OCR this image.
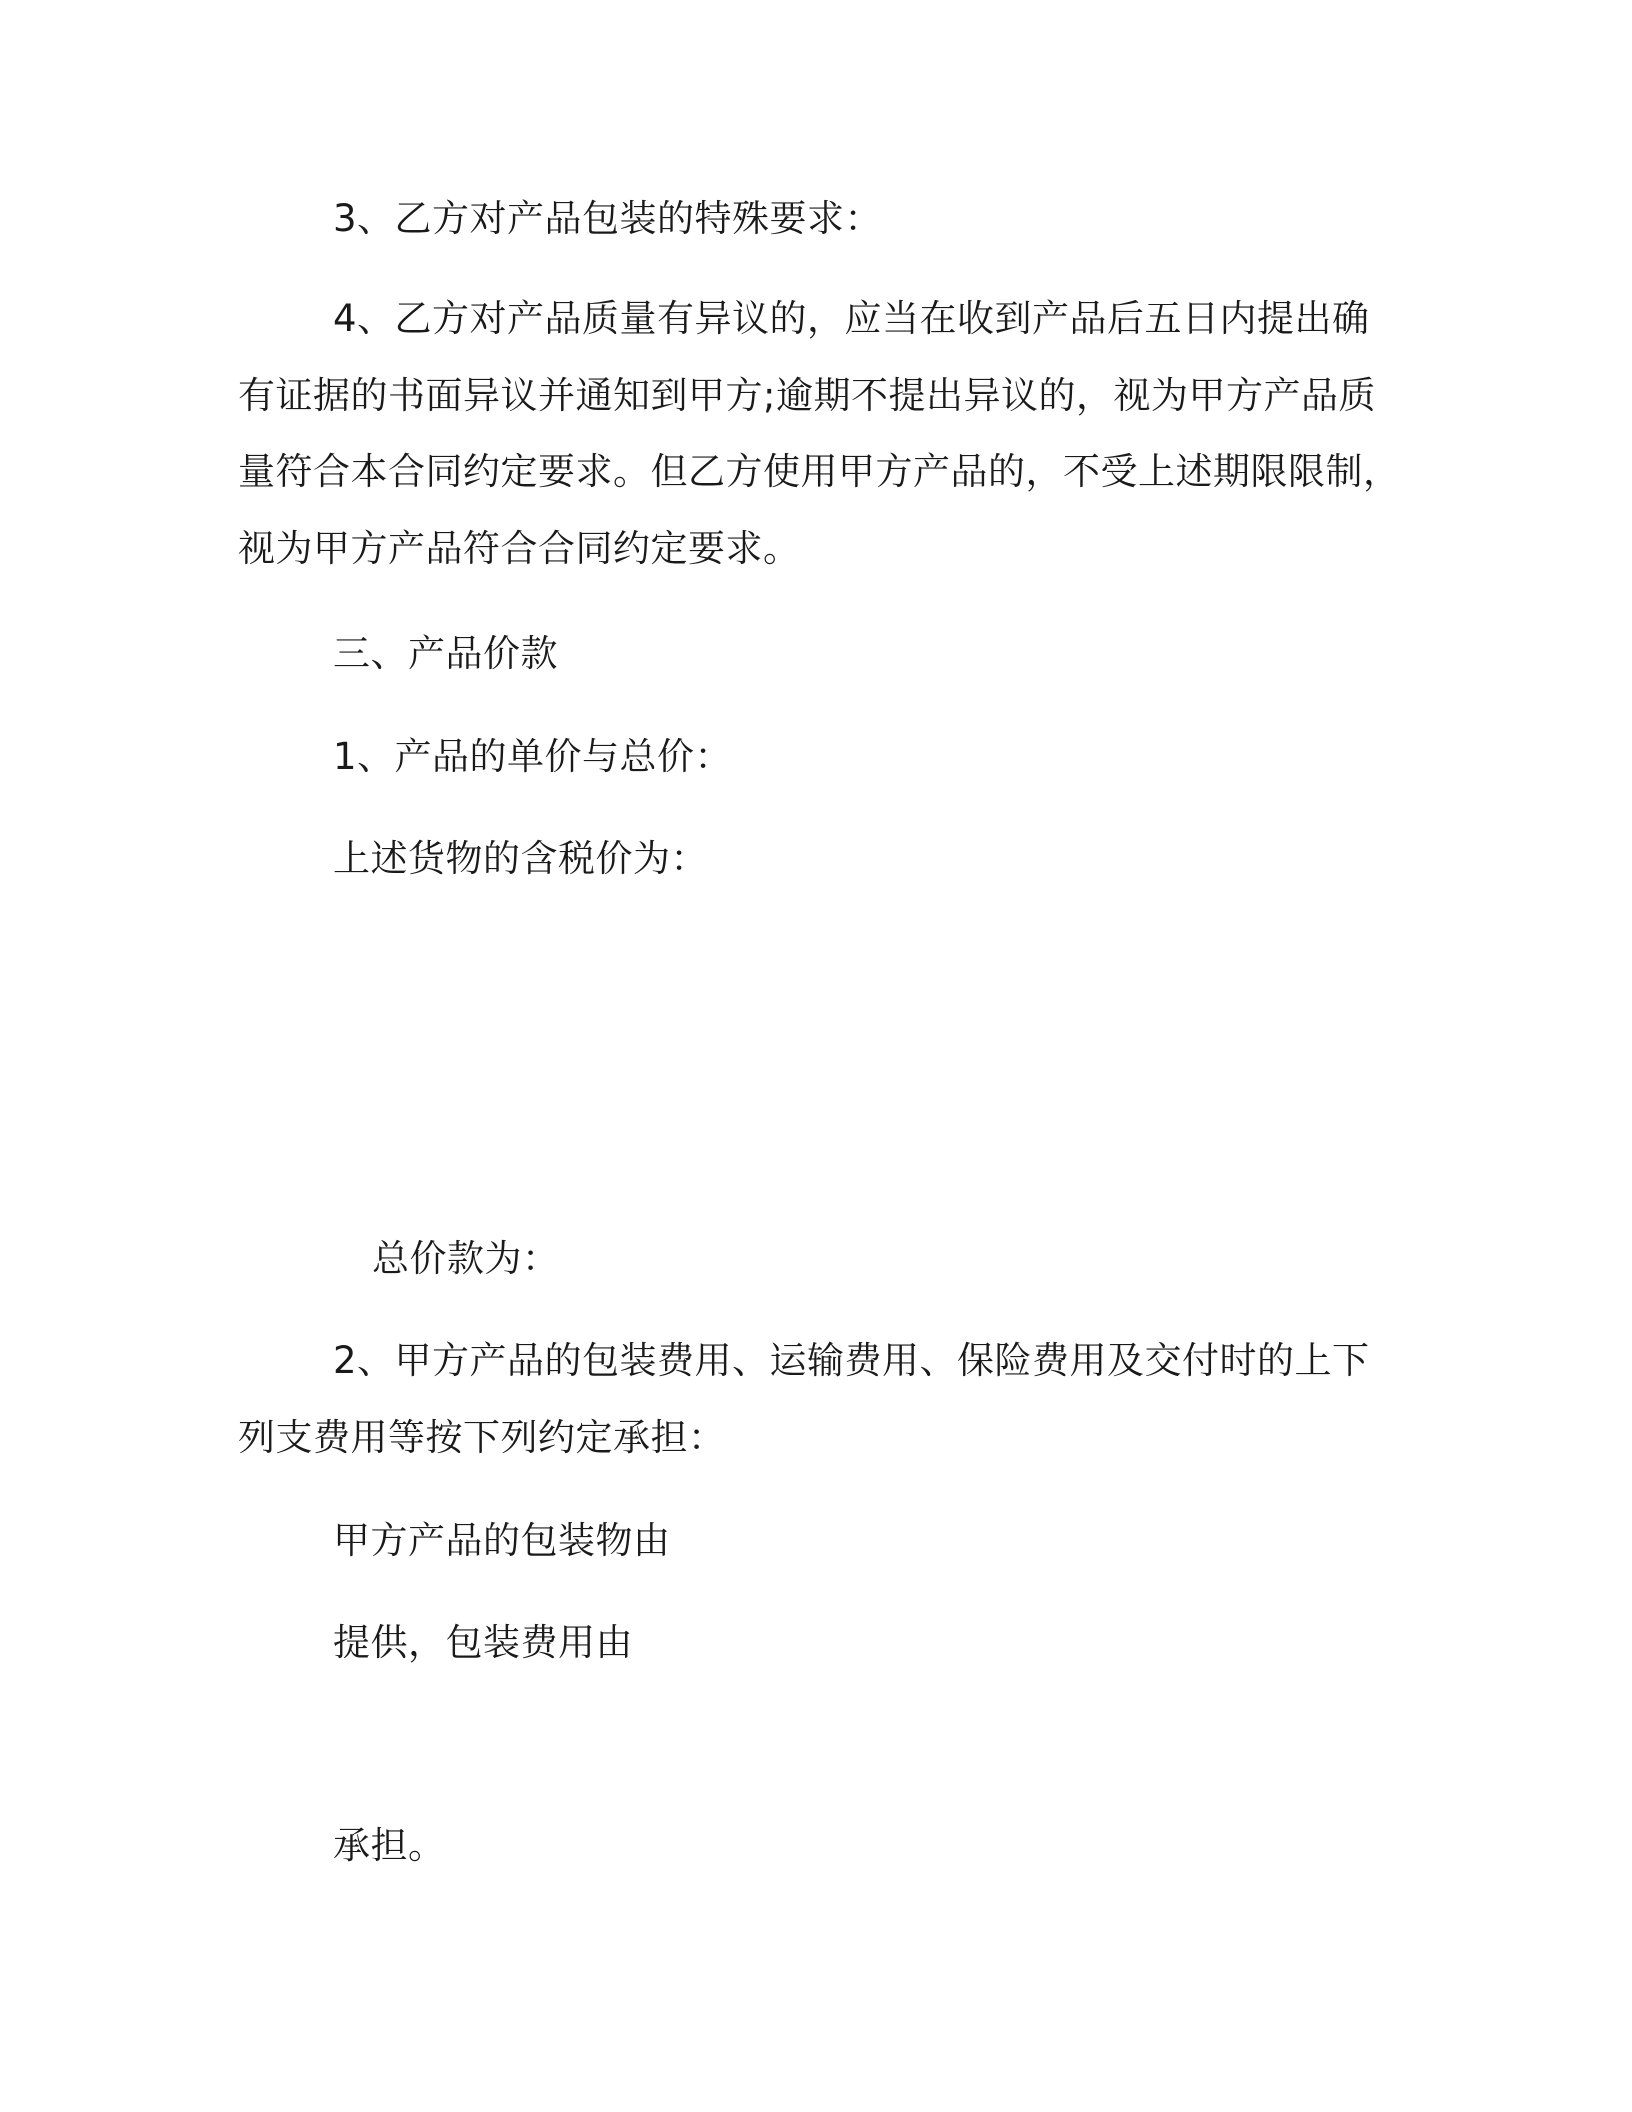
3、乙方对产品包装的特殊要求：

4、乙方对产品质量有异议的，应当在收到产品后五日内提出确

有证据的书面异议并通知到甲方;逾期不提出异议的，视为甲方产品质

量符合本合同约定要求。但乙方使用甲方产品的，不受上述期限限制，

视为甲方产品符合合同约定要求。

三、产品价款

1、产品的单价与总价：

上述货物的含税价为：

总价款为：

2、甲方产品的包装费用、运输费用、保险费用及交付时的上下

列支费用等按下列约定承担：

甲方产品的包装物由

提供，包装费用由

承担。
